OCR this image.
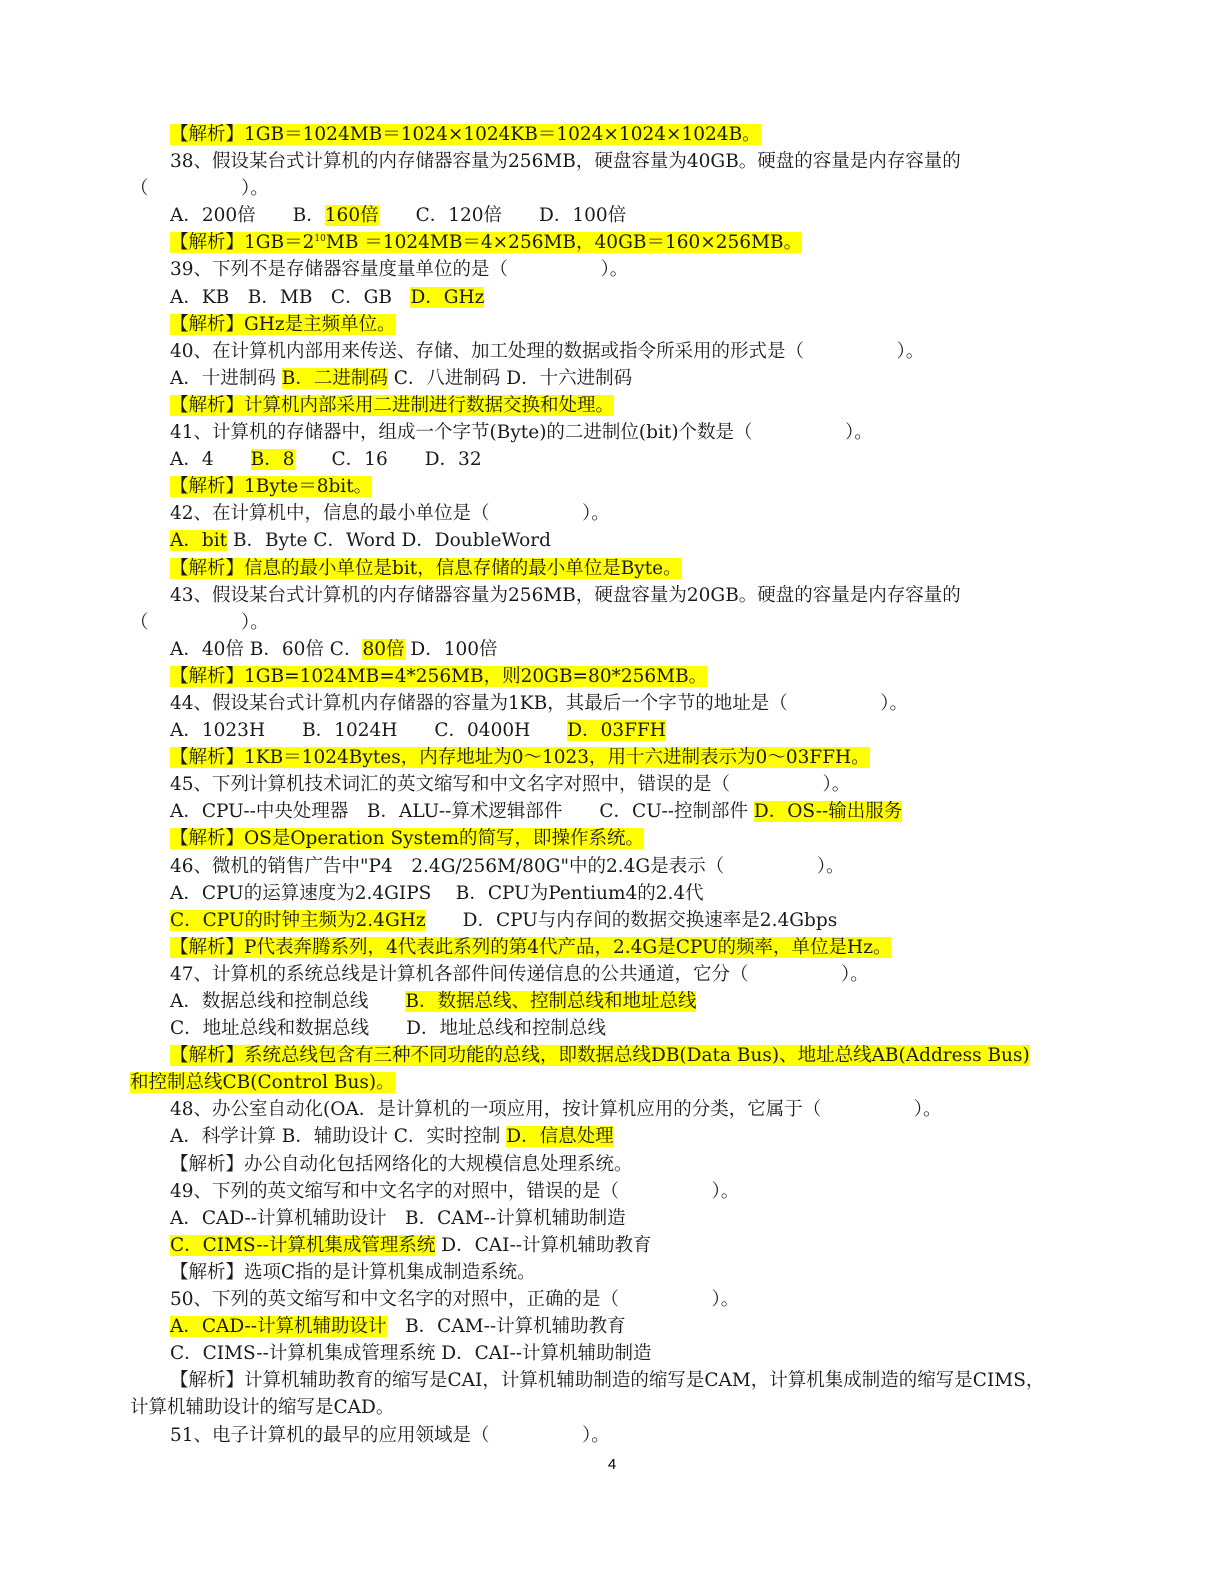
【解析】1GB＝1024MB＝1024×1024KB＝1024×1024×1024B。
38、假设某台式计算机的内存储器容量为256MB，硬盘容量为40GB。硬盘的容量是内存容量的
（　　　　　）。
A．200倍　　B．160倍　　C．120倍　　D．100倍
【解析】$1GB=2^{10}MB =1024MB=4\times 256MB$，40GB＝160×256MB。
39、下列不是存储器容量度量单位的是（　　　　　）。
A．KB　B．MB　C．GB　D．GHz
【解析】GHz是主频单位。
40、在计算机内部用来传送、存储、加工处理的数据或指令所采用的形式是（　　　　　）。
A．十进制码 B．二进制码 C．八进制码 D．十六进制码
【解析】计算机内部采用二进制进行数据交换和处理。
41、计算机的存储器中，组成一个字节(Byte)的二进制位(bit)个数是（　　　　　）。
A．4　　B．8　　C．16　　D．32
【解析】1Byte＝8bit。
42、在计算机中，信息的最小单位是（　　　　　）。
A．bit B．Byte C．Word D．DoubleWord
【解析】信息的最小单位是bit，信息存储的最小单位是Byte。
43、假设某台式计算机的内存储器容量为256MB，硬盘容量为20GB。硬盘的容量是内存容量的
（　　　　　）。
A．40倍 B．60倍 C．80倍 D．100倍
【解析】1GB=1024MB=4*256MB，则20GB=80*256MB。
44、假设某台式计算机内存储器的容量为1KB，其最后一个字节的地址是（　　　　　）。
A．1023H　　B．1024H　　C．0400H　　D．03FFH
【解析】1KB＝1024Bytes，内存地址为0～1023，用十六进制表示为0～03FFH。
45、下列计算机技术词汇的英文缩写和中文名字对照中，错误的是（　　　　　）。
A．CPU--中央处理器　B．ALU--算术逻辑部件　　C．CU--控制部件 D．OS--输出服务
【解析】OS是Operation System的简写，即操作系统。
46、微机的销售广告中"P4　2.4G/256M/80G"中的2.4G是表示（　　　　　）。
A．CPU的运算速度为2.4GIPS　 B．CPU为Pentium4的2.4代
C．CPU的时钟主频为2.4GHz　　D．CPU与内存间的数据交换速率是2.4Gbps
【解析】P代表奔腾系列，4代表此系列的第4代产品，2.4G是CPU的频率，单位是Hz。
47、计算机的系统总线是计算机各部件间传递信息的公共通道，它分（　　　　　）。
A．数据总线和控制总线　　B．数据总线、控制总线和地址总线
C．地址总线和数据总线　　D．地址总线和控制总线
【解析】系统总线包含有三种不同功能的总线，即数据总线DB(Data Bus)、地址总线AB(Address Bus)
和控制总线CB(Control Bus)。
48、办公室自动化(OA．是计算机的一项应用，按计算机应用的分类，它属于（　　　　　）。
A．科学计算 B．辅助设计 C．实时控制 D．信息处理
【解析】办公自动化包括网络化的大规模信息处理系统。
49、下列的英文缩写和中文名字的对照中，错误的是（　　　　　）。
A．CAD--计算机辅助设计　B．CAM--计算机辅助制造
C．CIMS--计算机集成管理系统 D．CAI--计算机辅助教育
【解析】选项C指的是计算机集成制造系统。
50、下列的英文缩写和中文名字的对照中，正确的是（　　　　　）。
A．CAD--计算机辅助设计　B．CAM--计算机辅助教育
C．CIMS--计算机集成管理系统 D．CAI--计算机辅助制造
【解析】计算机辅助教育的缩写是CAI，计算机辅助制造的缩写是CAM，计算机集成制造的缩写是CIMS，
计算机辅助设计的缩写是CAD。
51、电子计算机的最早的应用领域是（　　　　　）。
4
